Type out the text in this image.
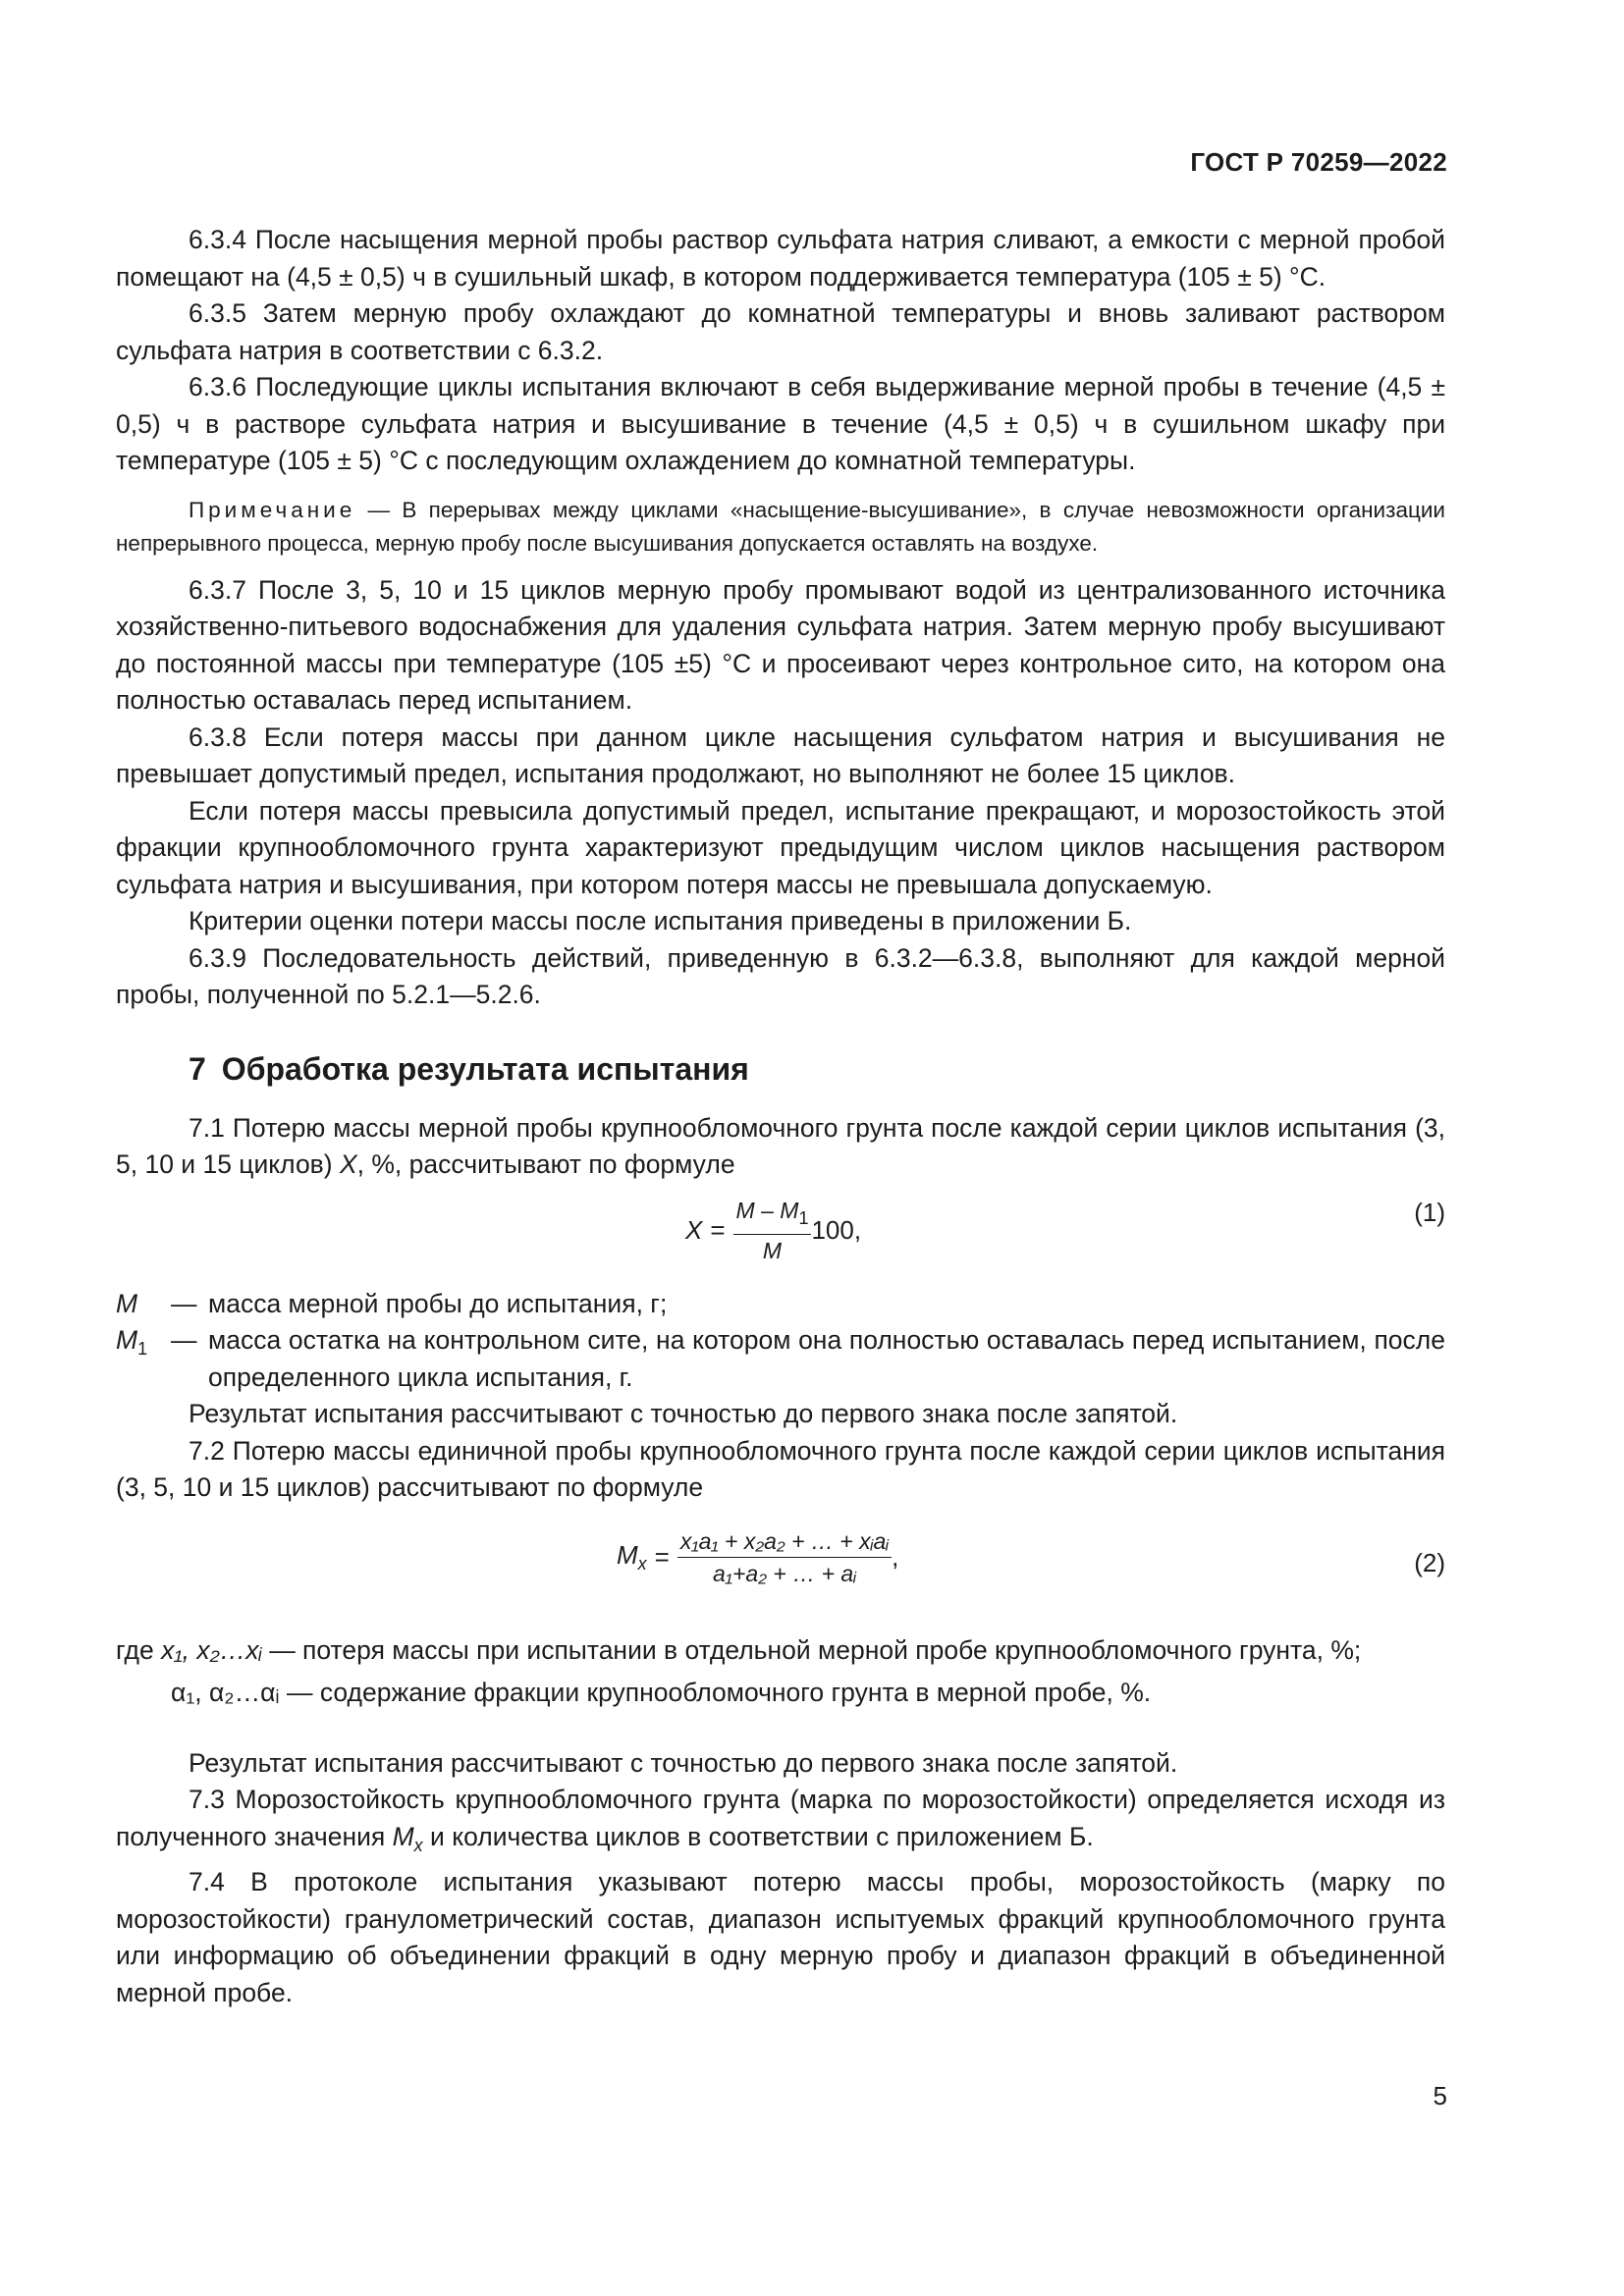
ГОСТ Р 70259—2022

6.3.4 После насыщения мерной пробы раствор сульфата натрия сливают, а емкости с мерной пробой помещают на (4,5 ± 0,5) ч в сушильный шкаф, в котором поддерживается температура (105 ± 5) °С.

6.3.5 Затем мерную пробу охлаждают до комнатной температуры и вновь заливают раствором сульфата натрия в соответствии с 6.3.2.

6.3.6 Последующие циклы испытания включают в себя выдерживание мерной пробы в течение (4,5 ± 0,5) ч в растворе сульфата натрия и высушивание в течение (4,5 ± 0,5) ч в сушильном шкафу при температуре (105 ± 5) °С с последующим охлаждением до комнатной температуры.

Примечание — В перерывах между циклами «насыщение-высушивание», в случае невозможности организации непрерывного процесса, мерную пробу после высушивания допускается оставлять на воздухе.

6.3.7 После 3, 5, 10 и 15 циклов мерную пробу промывают водой из централизованного источника хозяйственно-питьевого водоснабжения для удаления сульфата натрия. Затем мерную пробу высушивают до постоянной массы при температуре (105 ±5) °С и просеивают через контрольное сито, на котором она полностью оставалась перед испытанием.

6.3.8 Если потеря массы при данном цикле насыщения сульфатом натрия и высушивания не превышает допустимый предел, испытания продолжают, но выполняют не более 15 циклов.

Если потеря массы превысила допустимый предел, испытание прекращают, и морозостойкость этой фракции крупнообломочного грунта характеризуют предыдущим числом циклов насыщения раствором сульфата натрия и высушивания, при котором потеря массы не превышала допускаемую.

Критерии оценки потери массы после испытания приведены в приложении Б.

6.3.9 Последовательность действий, приведенную в 6.3.2—6.3.8, выполняют для каждой мерной пробы, полученной по 5.2.1—5.2.6.

7 Обработка результата испытания

7.1 Потерю массы мерной пробы крупнообломочного грунта после каждой серии циклов испытания (3, 5, 10 и 15 циклов) X, %, рассчитывают по формуле

$X = \frac{M - M_1}{M} 100$,
(1)
M	— масса мерной пробы до испытания, г;
$M_1$ — масса остатка на контрольном сите, на котором она полностью оставалась перед испытанием, после определенного цикла испытания, г.

Результат испытания рассчитывают с точностью до первого знака после запятой.

7.2 Потерю массы единичной пробы крупнообломочного грунта после каждой серии циклов испытания (3, 5, 10 и 15 циклов) рассчитывают по формуле

$M_x = \frac{\text{x₁a₁ + x₂a₂ + … + xᵢaᵢ}}{\text{a₁+a₂ + … + aᵢ}}$ ,	(2)
где x₁, x₂…xᵢ — потеря массы при испытании в отдельной мерной пробе крупнообломочного грунта, %;
α₁, α₂…αᵢ — содержание фракции крупнообломочного грунта в мерной пробе, %.

Результат испытания рассчитывают с точностью до первого знака после запятой.

7.3 Морозостойкость крупнообломочного грунта (марка по морозостойкости) определяется исходя из полученного значения $M_x$ и количества циклов в соответствии с приложением Б.

7.4 В протоколе испытания указывают потерю массы пробы, морозостойкость (марку по морозостойкости) гранулометрический состав, диапазон испытуемых фракций крупнообломочного грунта или информацию об объединении фракций в одну мерную пробу и диапазон фракций в объединенной мерной пробе.

5
